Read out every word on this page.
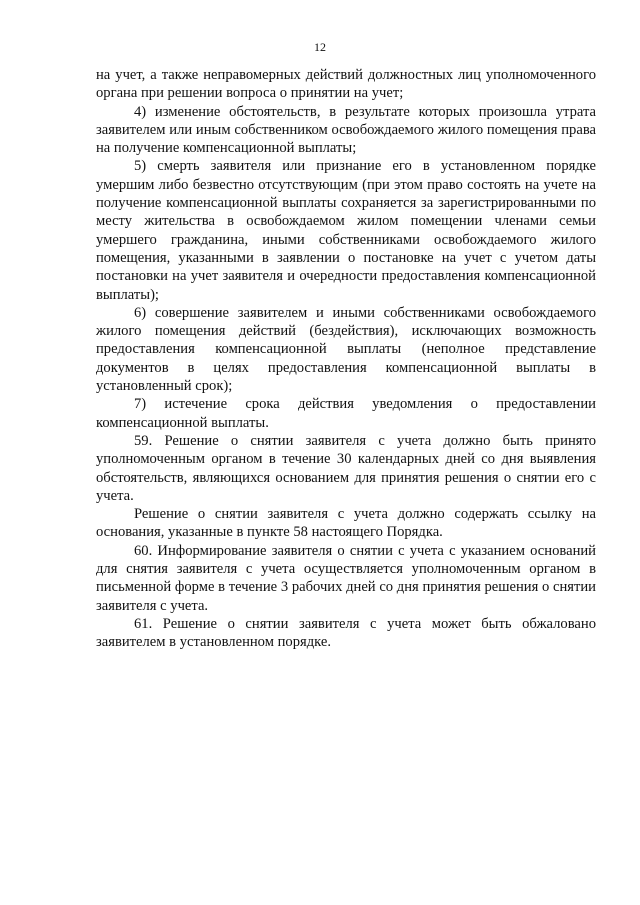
12

на учет, а также неправомерных действий должностных лиц уполномоченного органа при решении вопроса о принятии на учет;

4) изменение обстоятельств, в результате которых произошла утрата заявителем или иным собственником освобождаемого жилого помещения права на получение компенсационной выплаты;

5) смерть заявителя или признание его в установленном порядке умершим либо безвестно отсутствующим (при этом право состоять на учете на получение компенсационной выплаты сохраняется за зарегистрированными по месту жительства в освобождаемом жилом помещении членами семьи умершего гражданина, иными собственниками освобождаемого жилого помещения, указанными в заявлении о постановке на учет с учетом даты постановки на учет заявителя и очередности предоставления компенсационной выплаты);

6) совершение заявителем и иными собственниками освобождаемого жилого помещения действий (бездействия), исключающих возможность предоставления компенсационной выплаты (неполное представление документов в целях предоставления компенсационной выплаты в установленный срок);

7) истечение срока действия уведомления о предоставлении компенсационной выплаты.

59. Решение о снятии заявителя с учета должно быть принято уполномоченным органом в течение 30 календарных дней со дня выявления обстоятельств, являющихся основанием для принятия решения о снятии его с учета.

Решение о снятии заявителя с учета должно содержать ссылку на основания, указанные в пункте 58 настоящего Порядка.

60. Информирование заявителя о снятии с учета с указанием оснований для снятия заявителя с учета осуществляется уполномоченным органом в письменной форме в течение 3 рабочих дней со дня принятия решения о снятии заявителя с учета.

61. Решение о снятии заявителя с учета может быть обжаловано заявителем в установленном порядке.
